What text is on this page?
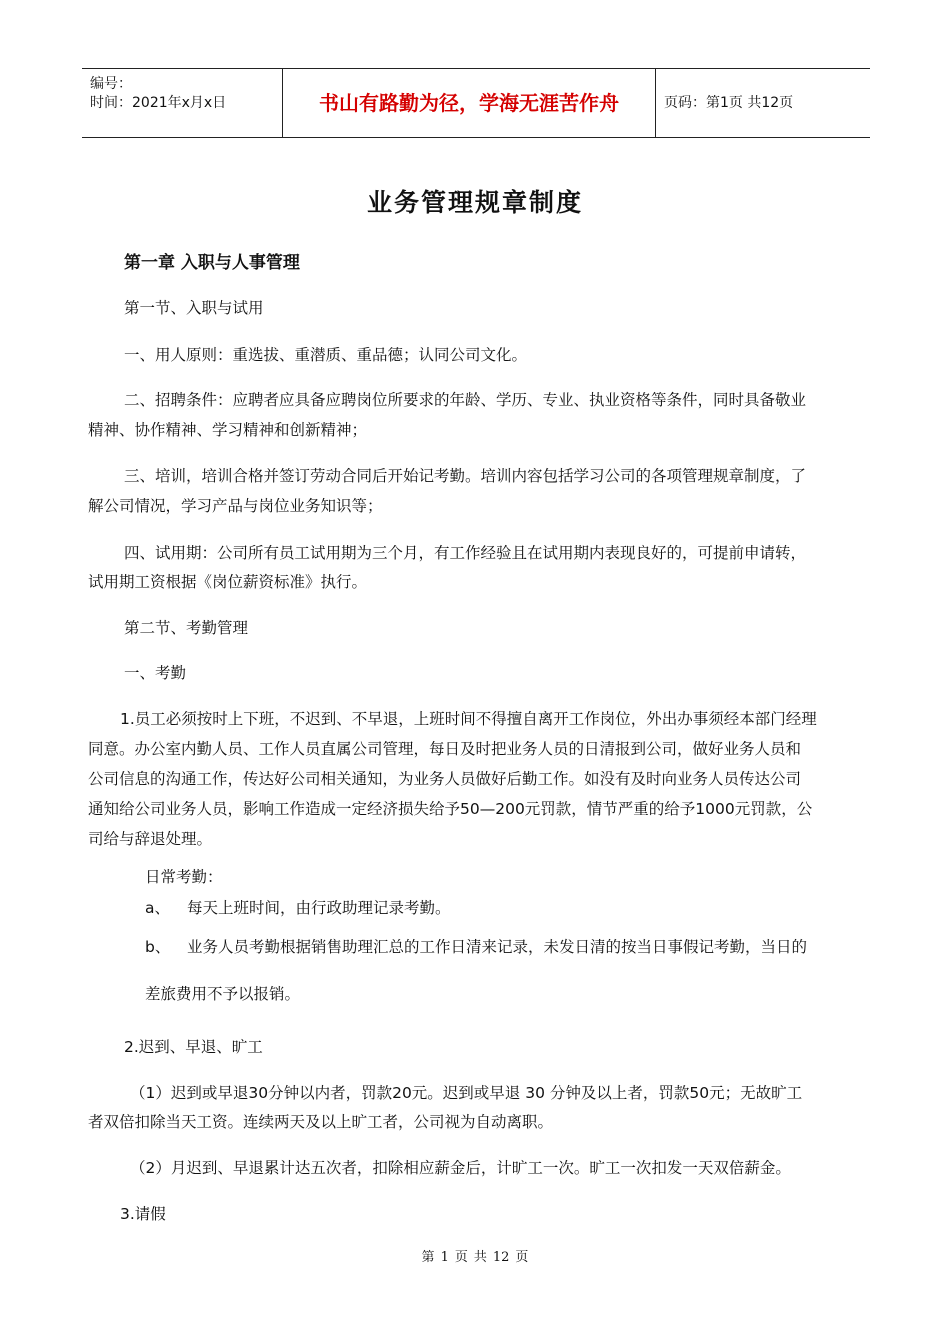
编号：
时间：2021年x月x日	书山有路勤为径，学海无涯苦作舟	页码：第1页 共12页
业务管理规章制度
第一章 入职与人事管理
第一节、入职与试用
一、用人原则：重选拔、重潜质、重品德；认同公司文化。
二、招聘条件：应聘者应具备应聘岗位所要求的年龄、学历、专业、执业资格等条件，同时具备敬业
精神、协作精神、学习精神和创新精神；
三、培训，培训合格并签订劳动合同后开始记考勤。培训内容包括学习公司的各项管理规章制度，了
解公司情况，学习产品与岗位业务知识等；
四、试用期：公司所有员工试用期为三个月，有工作经验且在试用期内表现良好的，可提前申请转，
试用期工资根据《岗位薪资标准》执行。
第二节、考勤管理
一、考勤
1.员工必须按时上下班，不迟到、不早退，上班时间不得擅自离开工作岗位，外出办事须经本部门经理
同意。办公室内勤人员、工作人员直属公司管理，每日及时把业务人员的日清报到公司，做好业务人员和
公司信息的沟通工作，传达好公司相关通知，为业务人员做好后勤工作。如没有及时向业务人员传达公司
通知给公司业务人员，影响工作造成一定经济损失给予50—200元罚款，情节严重的给予1000元罚款，公
司给与辞退处理。
日常考勤：
a、 每天上班时间，由行政助理记录考勤。
b、 业务人员考勤根据销售助理汇总的工作日清来记录，未发日清的按当日事假记考勤，当日的
差旅费用不予以报销。
2.迟到、早退、旷工
（1）迟到或早退30分钟以内者，罚款20元。迟到或早退 30 分钟及以上者，罚款50元；无故旷工
者双倍扣除当天工资。连续两天及以上旷工者，公司视为自动离职。
（2）月迟到、早退累计达五次者，扣除相应薪金后，计旷工一次。旷工一次扣发一天双倍薪金。
3.请假
第 1 页 共 12 页
